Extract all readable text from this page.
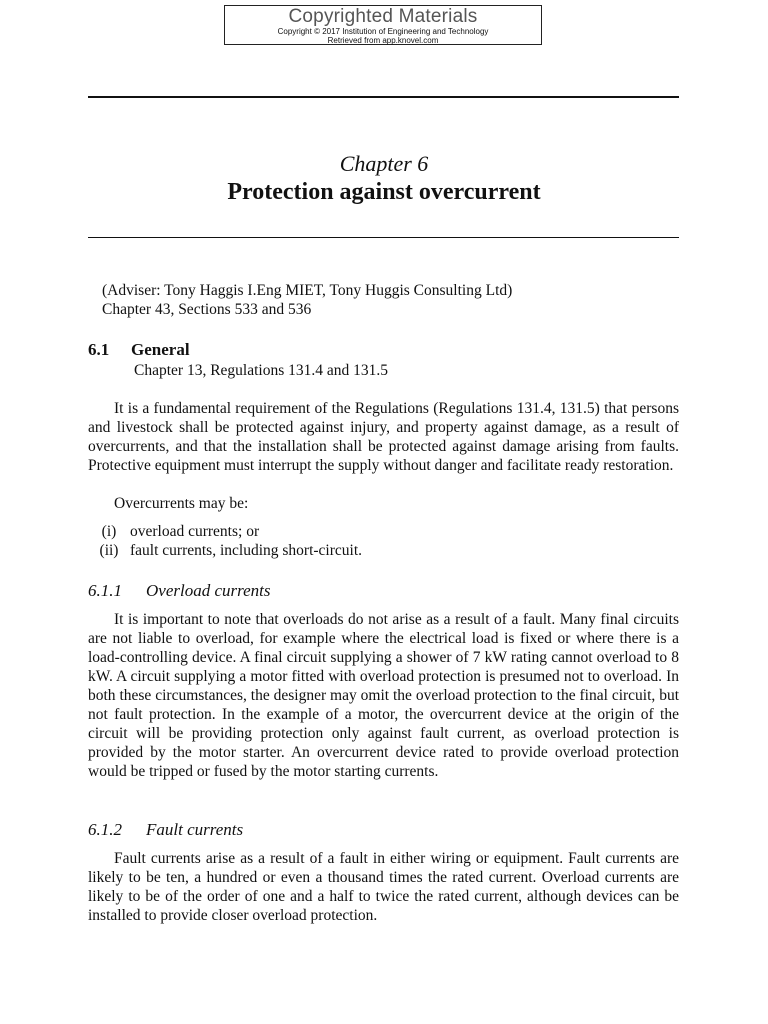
Copyrighted Materials
Copyright © 2017 Institution of Engineering and Technology
Retrieved from app.knovel.com
Chapter 6
Protection against overcurrent
(Adviser: Tony Haggis I.Eng MIET, Tony Huggis Consulting Ltd)
Chapter 43, Sections 533 and 536
6.1 General
Chapter 13, Regulations 131.4 and 131.5

It is a fundamental requirement of the Regulations (Regulations 131.4, 131.5) that persons and livestock shall be protected against injury, and property against damage, as a result of overcurrents, and that the installation shall be protected against damage arising from faults. Protective equipment must interrupt the supply without danger and facilitate ready restoration.

Overcurrents may be:
(i) overload currents; or
(ii) fault currents, including short-circuit.
6.1.1 Overload currents

It is important to note that overloads do not arise as a result of a fault. Many final circuits are not liable to overload, for example where the electrical load is fixed or where there is a load-controlling device. A final circuit supplying a shower of 7 kW rating cannot overload to 8 kW. A circuit supplying a motor fitted with overload protection is presumed not to overload. In both these circumstances, the designer may omit the overload protection to the final circuit, but not fault protection. In the example of a motor, the overcurrent device at the origin of the circuit will be providing protection only against fault current, as overload protection is provided by the motor starter. An overcurrent device rated to provide overload protection would be tripped or fused by the motor starting currents.

6.1.2 Fault currents

Fault currents arise as a result of a fault in either wiring or equipment. Fault currents are likely to be ten, a hundred or even a thousand times the rated current. Overload currents are likely to be of the order of one and a half to twice the rated current, although devices can be installed to provide closer overload protection.
